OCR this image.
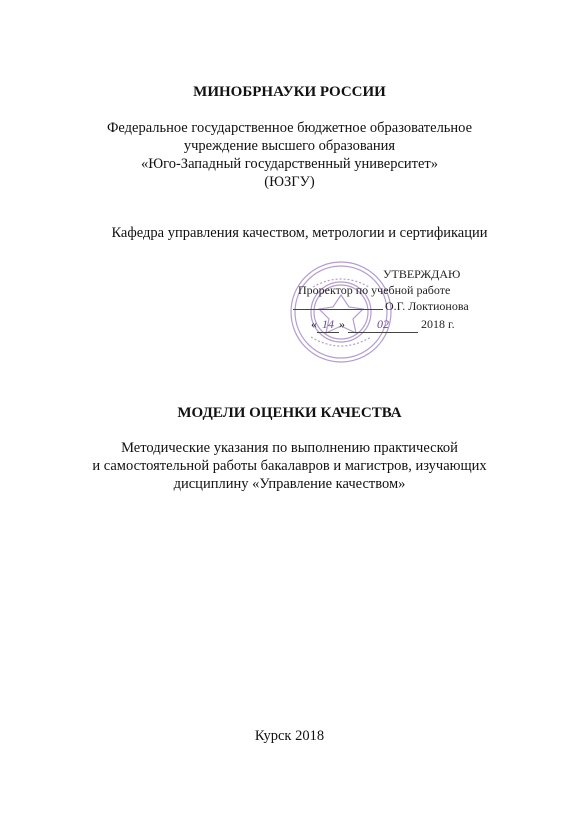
МИНОБРНАУКИ РОССИИ
Федеральное государственное бюджетное образовательное
учреждение высшего образования
«Юго-Западный государственный университет»
(ЮЗГУ)
Кафедра управления качеством, метрологии и сертификации
УТВЕРЖДАЮ
Проректор по учебной работе
О.Г. Локтионова
« 14 »	02	2018 г.
МОДЕЛИ ОЦЕНКИ КАЧЕСТВА
Методические указания по выполнению практической
и самостоятельной работы бакалавров и магистров, изучающих
дисциплину «Управление качеством»
Курск 2018
